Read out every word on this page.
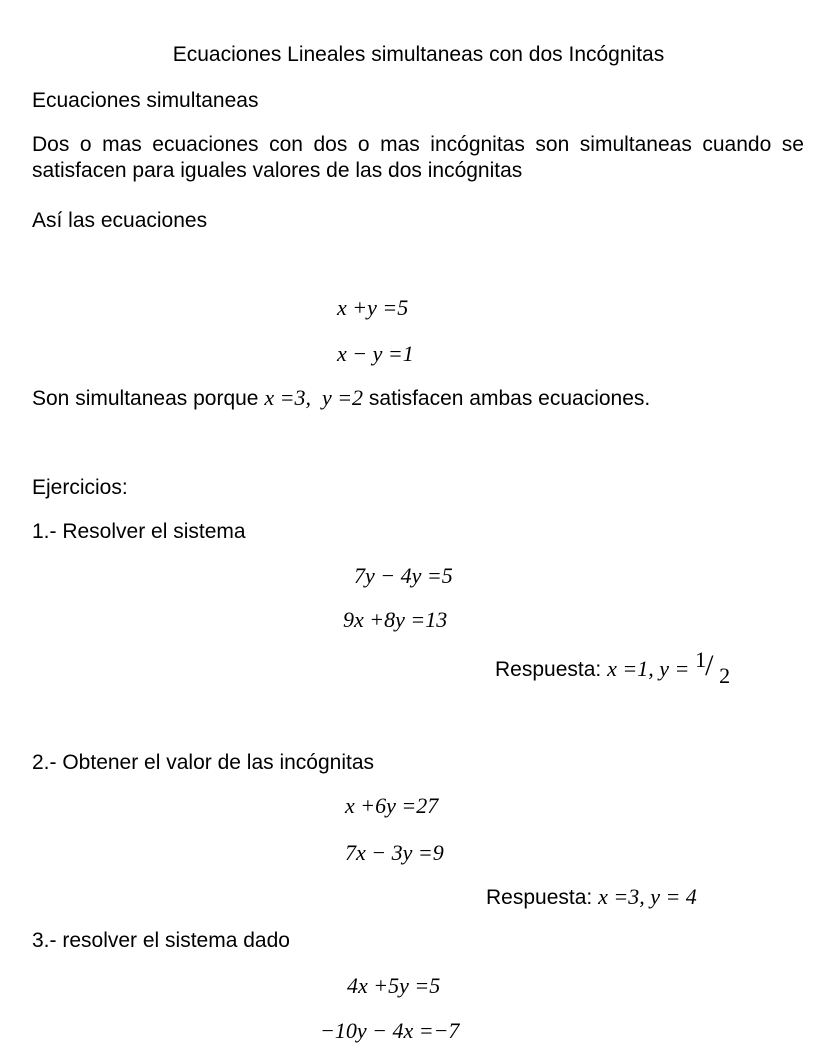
Ecuaciones Lineales simultaneas con dos Incógnitas
Ecuaciones simultaneas
Dos o mas ecuaciones con dos o mas incógnitas son simultaneas cuando se satisfacen para iguales valores de las dos incógnitas
Así las ecuaciones
x +y =5
x − y =1
Son simultaneas porque x =3,  y =2 satisfacen ambas ecuaciones.
Ejercicios:
1.- Resolver el sistema
7y − 4y =5
9x +8y =13
Respuesta: x =1, y = 1 / 2
2.- Obtener el valor de las incógnitas
x +6y =27
7x − 3y =9
Respuesta: x =3, y = 4
3.- resolver el sistema dado
4x +5y =5
−10y − 4x =−7
